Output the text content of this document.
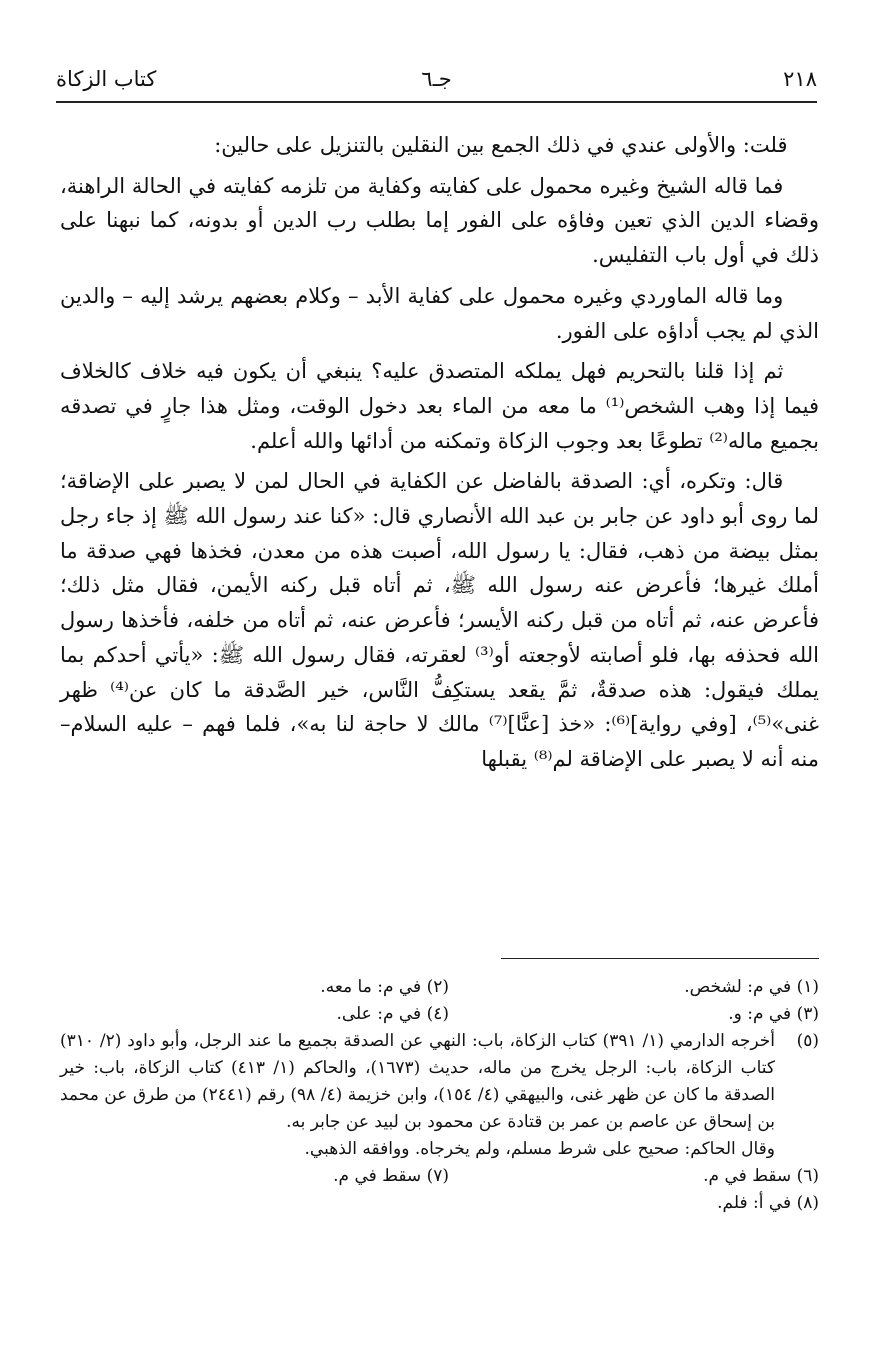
٢١٨
جـ٦
كتاب الزكاة

قلت: والأولى عندي في ذلك الجمع بين النقلين بالتنزيل على حالين:

فما قاله الشيخ وغيره محمول على كفايته وكفاية من تلزمه كفايته في الحالة الراهنة، وقضاء الدين الذي تعين وفاؤه على الفور إما بطلب رب الدين أو بدونه، كما نبهنا على ذلك في أول باب التفليس.

وما قاله الماوردي وغيره محمول على كفاية الأبد – وكلام بعضهم يرشد إليه – والدين الذي لم يجب أداؤه على الفور.

ثم إذا قلنا بالتحريم فهل يملكه المتصدق عليه؟ ينبغي أن يكون فيه خلاف كالخلاف فيما إذا وهب الشخص⁽¹⁾ ما معه من الماء بعد دخول الوقت، ومثل هذا جارٍ في تصدقه بجميع ماله⁽²⁾ تطوعًا بعد وجوب الزكاة وتمكنه من أدائها والله أعلم.

قال: وتكره، أي: الصدقة بالفاضل عن الكفاية في الحال لمن لا يصبر على الإضاقة؛ لما روى أبو داود عن جابر بن عبد الله الأنصاري قال: «كنا عند رسول الله ﷺ إذ جاء رجل بمثل بيضة من ذهب، فقال: يا رسول الله، أصبت هذه من معدن، فخذها فهي صدقة ما أملك غيرها؛ فأعرض عنه رسول الله ﷺ، ثم أتاه قبل ركنه الأيمن، فقال مثل ذلك؛ فأعرض عنه، ثم أتاه من قبل ركنه الأيسر؛ فأعرض عنه، ثم أتاه من خلفه، فأخذها رسول الله فحذفه بها، فلو أصابته لأوجعته أو⁽³⁾ لعقرته، فقال رسول الله ﷺ: «يأتي أحدكم بما يملك فيقول: هذه صدقةٌ، ثمَّ يقعد يستكِفُّ النَّاس، خير الصَّدقة ما كان عن⁽⁴⁾ ظهر غنى»⁽⁵⁾، [وفي رواية]⁽⁶⁾: «خذ [عنَّا]⁽⁷⁾ مالك لا حاجة لنا به»، فلما فهم – عليه السلام– منه أنه لا يصبر على الإضاقة لم⁽⁸⁾ يقبلها

(١) في م: لشخص.
(٢) في م: ما معه.
(٣) في م: و.
(٤) في م: على.
(٥)
أخرجه الدارمي (١/ ٣٩١) كتاب الزكاة، باب: النهي عن الصدقة بجميع ما عند الرجل، وأبو داود (٢/ ٣١٠) كتاب الزكاة، باب: الرجل يخرج من ماله، حديث (١٦٧٣)، والحاكم (١/ ٤١٣) كتاب الزكاة، باب: خير الصدقة ما كان عن ظهر غنى، والبيهقي (٤/ ١٥٤)، وابن خزيمة (٤/ ٩٨) رقم (٢٤٤١) من طرق عن محمد بن إسحاق عن عاصم بن عمر بن قتادة عن محمود بن لبيد عن جابر به.
وقال الحاكم: صحيح على شرط مسلم، ولم يخرجاه. ووافقه الذهبي.
(٦) سقط في م.
(٧) سقط في م.
(٨) في أ: فلم.
